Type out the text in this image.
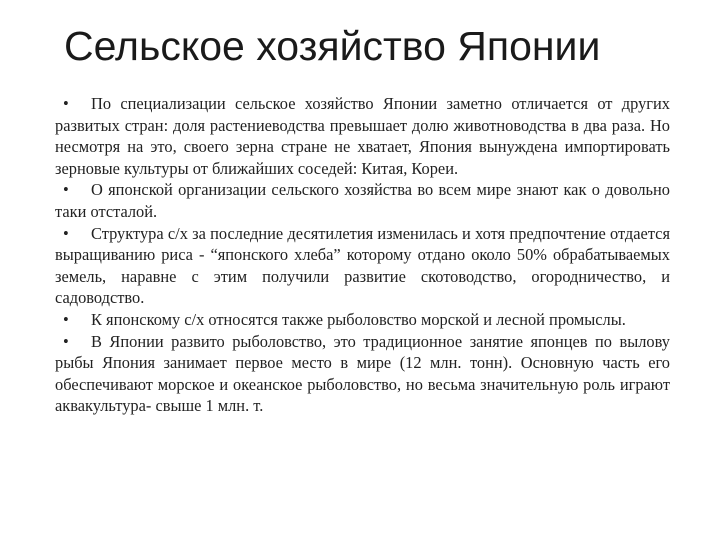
Сельское хозяйство Японии

• По специализации сельское хозяйство Японии заметно отличается от других развитых стран: доля растениеводства превышает долю животноводства в два раза. Но несмотря на это, своего зерна стране не хватает, Япония вынуждена импортировать зерновые культуры от ближайших соседей: Китая, Кореи.

• О японской организации сельского хозяйства во всем мире знают как о довольно таки отсталой.

• Структура с/х за последние десятилетия изменилась и хотя предпочтение отдается выращиванию риса - “японского хлеба” которому отдано около 50% обрабатываемых земель, наравне с этим получили развитие скотоводство, огородничество, и садоводство.

• К японскому с/х относятся также рыболовство морской и лесной промыслы.

• В Японии развито рыболовство, это традиционное занятие японцев по вылову рыбы Япония занимает первое место в мире (12 млн. тонн). Основную часть его обеспечивают морское и океанское рыболовство, но весьма значительную роль играют аквакультура- свыше 1 млн. т.
